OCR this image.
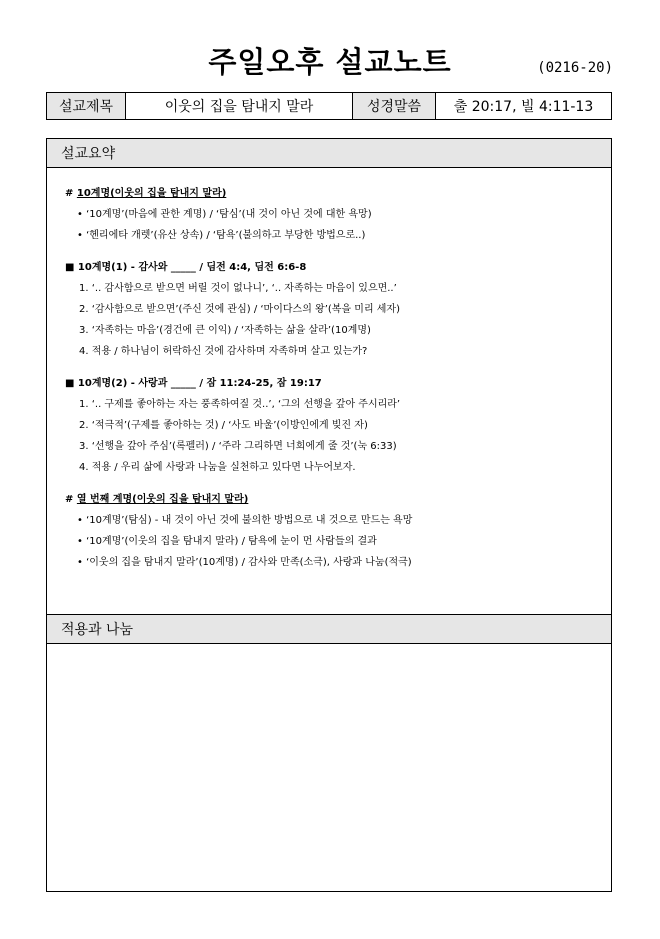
주일오후 설교노트	(0216-20)
설교제목	이웃의 집을 탐내지 말라	성경말씀	출 20:17, 빌 4:11-13
설교요약
# 10계명(이웃의 집을 탐내지 말라)
• ‘10계명’(마음에 관한 계명) / ‘탐심’(내 것이 아닌 것에 대한 욕망)
• ‘헨리에타 개렛’(유산 상속) / ‘탐욕’(불의하고 부당한 방법으로..)
■ 10계명(1) - 감사와 _____ / 딤전 4:4, 딤전 6:6-8
1. ‘.. 감사함으로 받으면 버릴 것이 없나니’, ‘.. 자족하는 마음이 있으면..’
2. ‘감사함으로 받으면’(주신 것에 관심) / ‘마이다스의 왕’(복을 미리 세자)
3. ‘자족하는 마음’(경건에 큰 이익) / ‘자족하는 삶을 살라’(10계명)
4. 적용 / 하나님이 허락하신 것에 감사하며 자족하며 살고 있는가?
■ 10계명(2) - 사랑과 _____ / 잠 11:24-25, 잠 19:17
1. ‘.. 구제를 좋아하는 자는 풍족하여질 것..’, ‘그의 선행을 갚아 주시리라’
2. ‘적극적’(구제를 좋아하는 것) / ‘사도 바울’(이방인에게 빚진 자)
3. ‘선행을 갚아 주심’(록펠러) / ‘주라 그리하면 너희에게 줄 것’(눅 6:33)
4. 적용 / 우리 삶에 사랑과 나눔을 실천하고 있다면 나누어보자.
# 열 번째 계명(이웃의 집을 탐내지 말라)
• ‘10계명’(탐심) - 내 것이 아닌 것에 불의한 방법으로 내 것으로 만드는 욕망
• ‘10계명’(이웃의 집을 탐내지 말라) / 탐욕에 눈이 먼 사람들의 결과
• ‘이웃의 집을 탐내지 말라’(10계명) / 감사와 만족(소극), 사랑과 나눔(적극)
적용과 나눔
